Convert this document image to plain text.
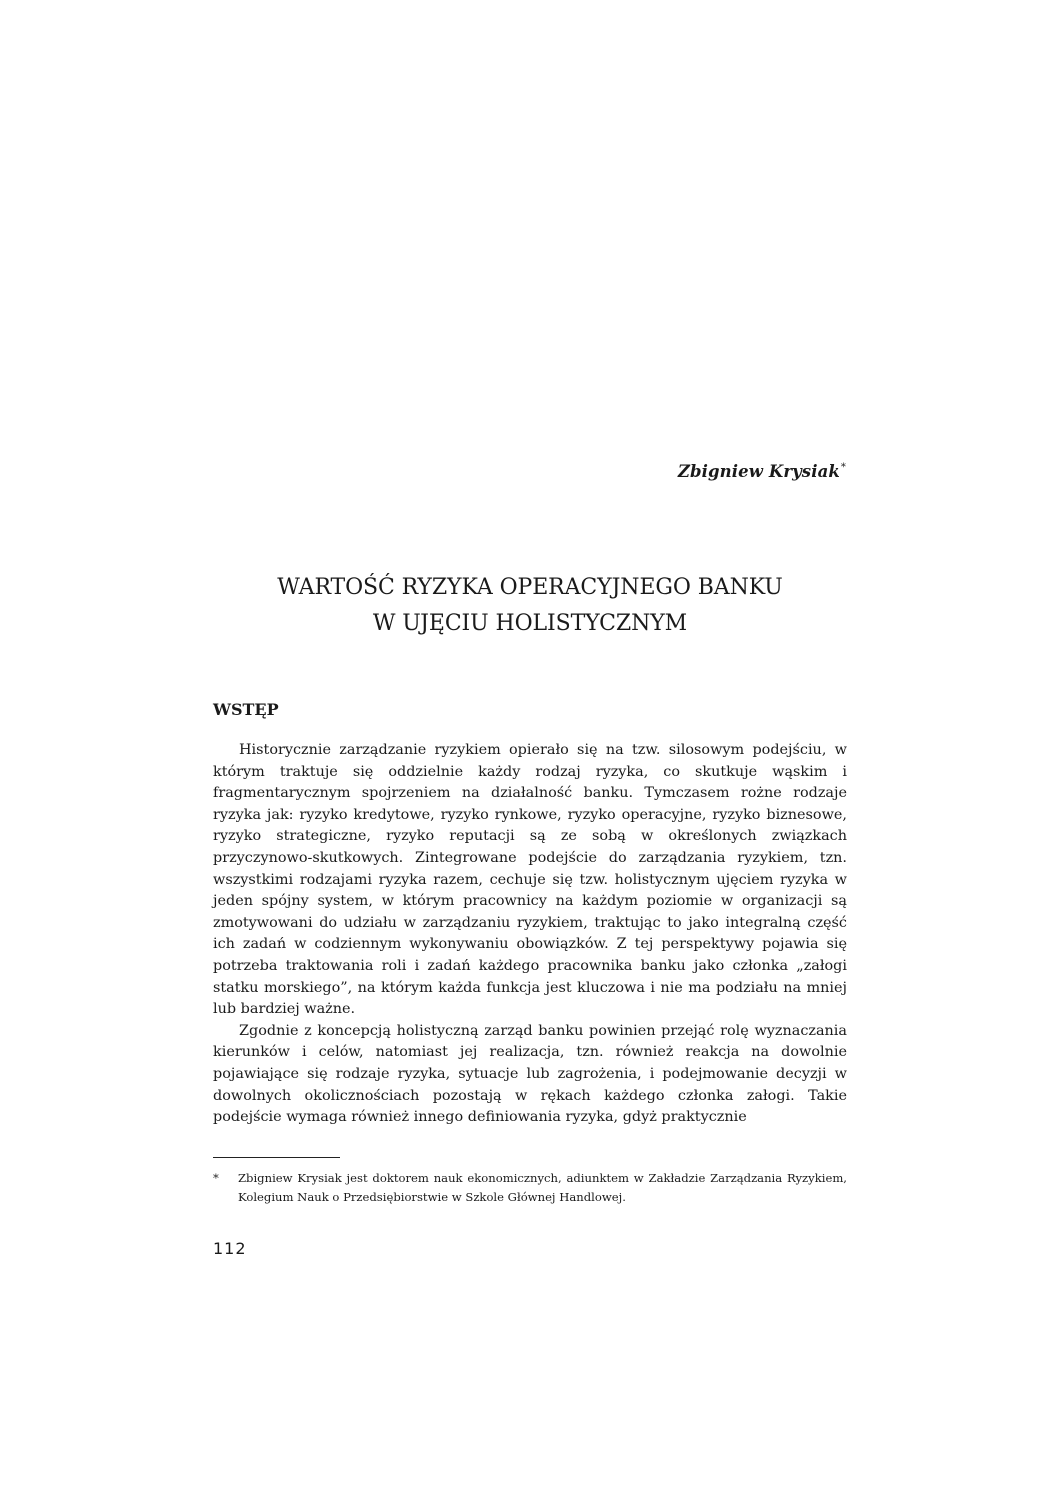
Zbigniew Krysiak*
WARTOŚĆ RYZYKA OPERACYJNEGO BANKU
W UJĘCIU HOLISTYCZNYM
WSTĘP

Historycznie zarządzanie ryzykiem opierało się na tzw. silosowym podejściu, w którym traktuje się oddzielnie każdy rodzaj ryzyka, co skutkuje wąskim i fragmentarycznym spojrzeniem na działalność banku. Tymczasem rożne rodzaje ryzyka jak: ryzyko kredytowe, ryzyko rynkowe, ryzyko operacyjne, ryzyko biznesowe, ryzyko strategiczne, ryzyko reputacji są ze sobą w określonych związkach przyczynowo-skutkowych. Zintegrowane podejście do zarządzania ryzykiem, tzn. wszystkimi rodzajami ryzyka razem, cechuje się tzw. holistycznym ujęciem ryzyka w jeden spójny system, w którym pracownicy na każdym poziomie w organizacji są zmotywowani do udziału w zarządzaniu ryzykiem, traktując to jako integralną część ich zadań w codziennym wykonywaniu obowiązków. Z tej perspektywy pojawia się potrzeba traktowania roli i zadań każdego pracownika banku jako członka „załogi statku morskiego”, na którym każda funkcja jest kluczowa i nie ma podziału na mniej lub bardziej ważne.

Zgodnie z koncepcją holistyczną zarząd banku powinien przejąć rolę wyznaczania kierunków i celów, natomiast jej realizacja, tzn. również reakcja na dowolnie pojawiające się rodzaje ryzyka, sytuacje lub zagrożenia, i podejmowanie decyzji w dowolnych okolicznościach pozostają w rękach każdego członka załogi. Takie podejście wymaga również innego definiowania ryzyka, gdyż praktycznie

* Zbigniew Krysiak jest doktorem nauk ekonomicznych, adiunktem w Zakładzie Zarządzania Ryzykiem, Kolegium Nauk o Przedsiębiorstwie w Szkole Głównej Handlowej.
112
